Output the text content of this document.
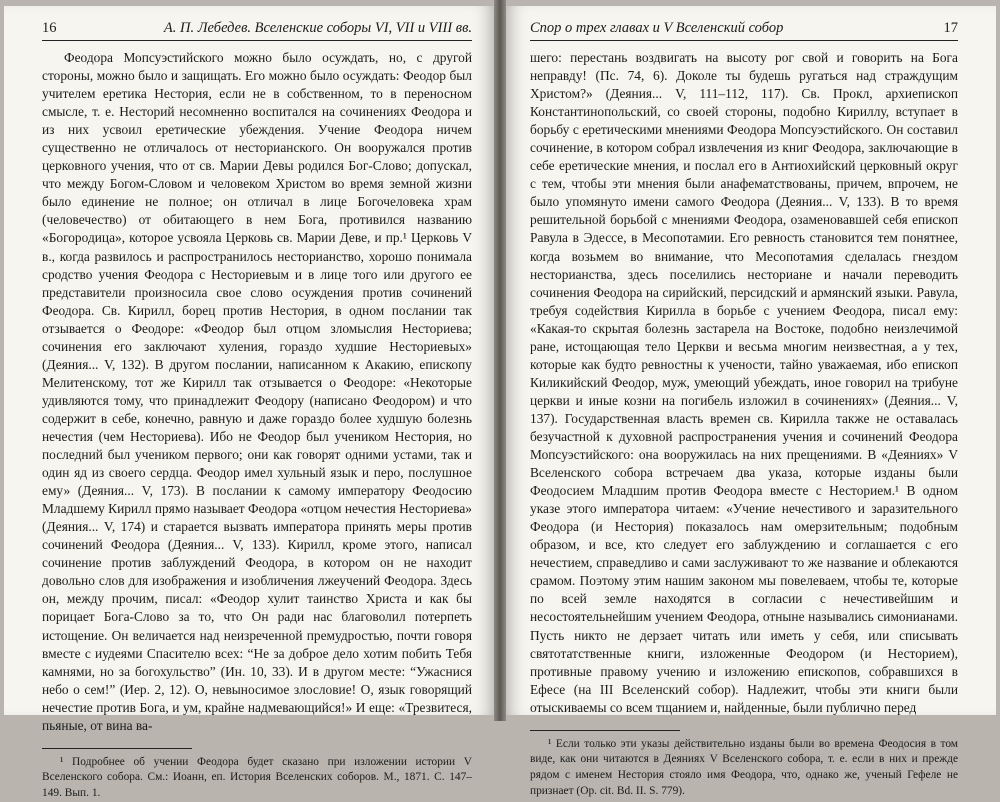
16	А. П. Лебедев. Вселенские соборы VI, VII и VIII вв.

Феодора Мопсуэстийского можно было осуждать, но, с другой стороны, можно было и защищать. Его можно было осуждать: Феодор был учителем еретика Нестория, если не в собственном, то в переносном смысле, т. е. Несторий несомненно воспитался на сочинениях Феодора и из них усвоил еретические убеждения. Учение Феодора ничем существенно не отличалось от несторианского. Он вооружался против церковного учения, что от св. Марии Девы родился Бог-Слово; допускал, что между Богом-Словом и человеком Христом во время земной жизни было единение не полное; он отличал в лице Богочеловека храм (человечество) от обитающего в нем Бога, противился названию «Богородица», которое усвояла Церковь св. Марии Деве, и пр.¹ Церковь V в., когда развилось и распространилось несторианство, хорошо понимала сродство учения Феодора с Несториевым и в лице того или другого ее представители произносила свое слово осуждения против сочинений Феодора. Св. Кирилл, борец против Нестория, в одном послании так отзывается о Феодоре: «Феодор был отцом зломыслия Несториева; сочинения его заключают хуления, гораздо худшие Несториевых» (Деяния... V, 132). В другом послании, написанном к Акакию, епископу Мелитенскому, тот же Кирилл так отзывается о Феодоре: «Некоторые удивляются тому, что принадлежит Феодору (написано Феодором) и что содержит в себе, конечно, равную и даже гораздо более худшую болезнь нечестия (чем Несториева). Ибо не Феодор был учеником Нестория, но последний был учеником первого; они как говорят одними устами, так и один яд из своего сердца. Феодор имел хульный язык и перо, послушное ему» (Деяния... V, 173). В послании к самому императору Феодосию Младшему Кирилл прямо называет Феодора «отцом нечестия Несториева» (Деяния... V, 174) и старается вызвать императора принять меры против сочинений Феодора (Деяния... V, 133). Кирилл, кроме этого, написал сочинение против заблуждений Феодора, в котором он не находит довольно слов для изображения и изобличения лжеучений Феодора. Здесь он, между прочим, писал: «Феодор хулит таинство Христа и как бы порицает Бога-Слово за то, что Он ради нас благоволил потерпеть истощение. Он величается над неизреченной премудростью, почти говоря вместе с иудеями Спасителю всех: “Не за доброе дело хотим побить Тебя камнями, но за богохульство” (Ин. 10, 33). И в другом месте: “Ужаснися небо о сем!” (Иер. 2, 12). О, невыносимое злословие! О, язык говорящий нечестие против Бога, и ум, крайне надмевающийся!» И еще: «Трезвитеся, пьяные, от вина ва-

¹ Подробнее об учении Феодора будет сказано при изложении истории V Вселенского собора. См.: Иоанн, еп. История Вселенских соборов. М., 1871. С. 147–149. Вып. 1.

Спор о трех главах и V Вселенский собор	17

шего: перестань воздвигать на высоту рог свой и говорить на Бога неправду! (Пс. 74, 6). Доколе ты будешь ругаться над страждущим Христом?» (Деяния... V, 111–112, 117). Св. Прокл, архиепископ Константинопольский, со своей стороны, подобно Кириллу, вступает в борьбу с еретическими мнениями Феодора Мопсуэстийского. Он составил сочинение, в котором собрал извлечения из книг Феодора, заключающие в себе еретические мнения, и послал его в Антиохийский церковный округ с тем, чтобы эти мнения были анафематствованы, причем, впрочем, не было упомянуто имени самого Феодора (Деяния... V, 133). В то время решительной борьбой с мнениями Феодора, озаменовавшей себя епископ Равула в Эдессе, в Месопотамии. Его ревность становится тем понятнее, когда возьмем во внимание, что Месопотамия сделалась гнездом несторианства, здесь поселились несториане и начали переводить сочинения Феодора на сирийский, персидский и армянский языки. Равула, требуя содействия Кирилла в борьбе с учением Феодора, писал ему: «Какая-то скрытая болезнь застарела на Востоке, подобно неизлечимой ране, истощающая тело Церкви и весьма многим неизвестная, а у тех, которые как будто ревностны к учености, тайно уважаемая, ибо епископ Киликийский Феодор, муж, умеющий убеждать, иное говорил на трибуне церкви и иные козни на погибель изложил в сочинениях» (Деяния... V, 137). Государственная власть времен св. Кирилла также не оставалась безучастной к духовной распространения учения и сочинений Феодора Мопсуэстийского: она вооружилась на них прещениями. В «Деяниях» V Вселенского собора встречаем два указа, которые изданы были Феодосием Младшим против Феодора вместе с Несторием.¹ В одном указе этого императора читаем: «Учение нечестивого и заразительного Феодора (и Нестория) показалось нам омерзительным; подобным образом, и все, кто следует его заблуждению и соглашается с его нечестием, справедливо и сами заслуживают то же название и облекаются срамом. Поэтому этим нашим законом мы повелеваем, чтобы те, которые по всей земле находятся в согласии с нечестивейшим и несостоятельнейшим учением Феодора, отныне назывались симонианами. Пусть никто не дерзает читать или иметь у себя, или списывать святотатственные книги, изложенные Феодором (и Несторием), противные правому учению и изложению епископов, собравшихся в Ефесе (на III Вселенский собор). Надлежит, чтобы эти книги были отыскиваемы со всем тщанием и, найденные, были публично перед

¹ Если только эти указы действительно изданы были во времена Феодосия в том виде, как они читаются в Деяниях V Вселенского собора, т. е. если в них и прежде рядом с именем Нестория стояло имя Феодора, что, однако же, ученый Гефеле не признает (Op. cit. Bd. II. S. 779).
